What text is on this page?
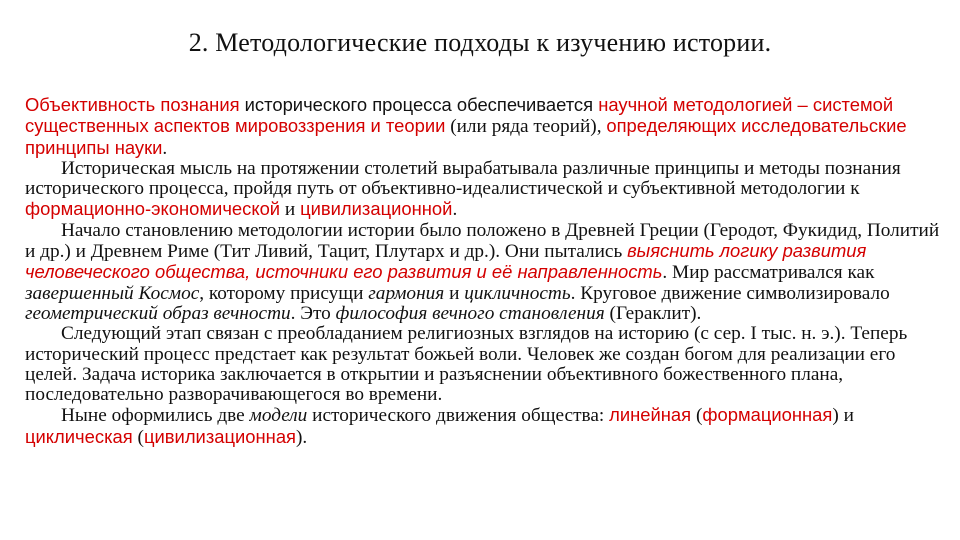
2. Методологические подходы к изучению истории.

Объективность познания исторического процесса обеспечивается научной методологией – системой существенных аспектов мировоззрения и теории (или ряда теорий), определяющих исследовательские принципы науки.

Историческая мысль на протяжении столетий вырабатывала различные принципы и методы познания исторического процесса, пройдя путь от объективно-идеалистической и субъективной методологии к формационно-экономической и цивилизационной.

Начало становлению методологии истории было положено в Древней Греции (Геродот, Фукидид, Политий и др.) и Древнем Риме (Тит Ливий, Тацит, Плутарх и др.). Они пытались выяснить логику развития человеческого общества, источники его развития и её направленность. Мир рассматривался как завершенный Космос, которому присущи гармония и цикличность. Круговое движение символизировало геометрический образ вечности. Это философия вечного становления (Гераклит).

Следующий этап связан с преобладанием религиозных взглядов на историю (с сер. I тыс. н. э.). Теперь исторический процесс предстает как результат божьей воли. Человек же создан богом для реализации его целей. Задача историка заключается в открытии и разъяснении объективного божественного плана, последовательно разворачивающегося во времени.

Ныне оформились две модели исторического движения общества: линейная (формационная) и циклическая (цивилизационная).
